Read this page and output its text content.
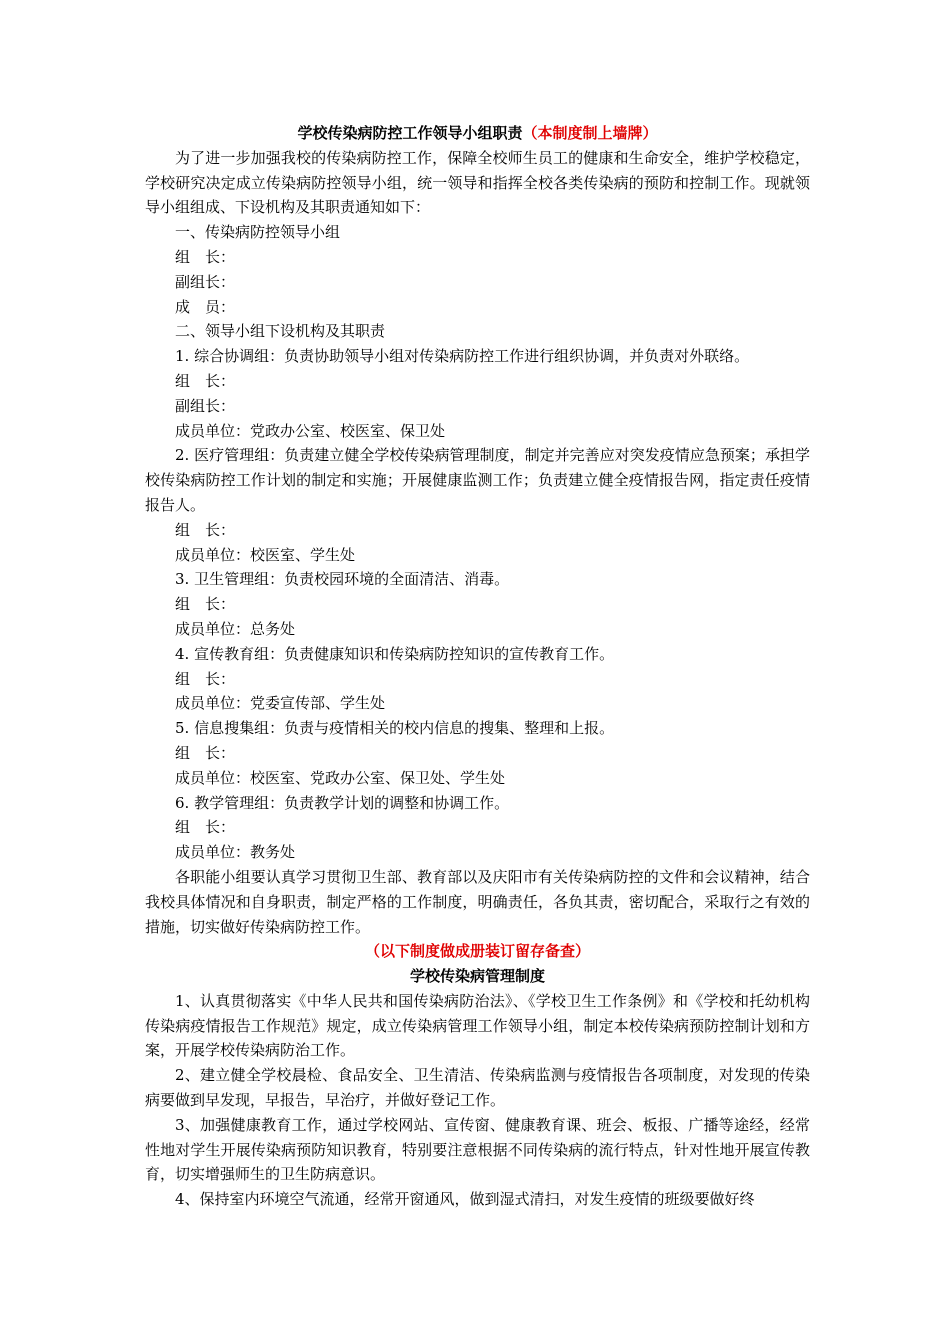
学校传染病防控工作领导小组职责（本制度制上墙牌）

为了进一步加强我校的传染病防控工作，保障全校师生员工的健康和生命安全，维护学校稳定，学校研究决定成立传染病防控领导小组，统一领导和指挥全校各类传染病的预防和控制工作。现就领导小组组成、下设机构及其职责通知如下：

一、传染病防控领导小组

组　长：

副组长：

成　员：

二、领导小组下设机构及其职责

1. 综合协调组：负责协助领导小组对传染病防控工作进行组织协调，并负责对外联络。

组　长：

副组长：

成员单位：党政办公室、校医室、保卫处

2. 医疗管理组：负责建立健全学校传染病管理制度，制定并完善应对突发疫情应急预案；承担学校传染病防控工作计划的制定和实施；开展健康监测工作；负责建立健全疫情报告网，指定责任疫情报告人。

组　长：

成员单位：校医室、学生处

3. 卫生管理组：负责校园环境的全面清洁、消毒。

组　长：

成员单位：总务处

4. 宣传教育组：负责健康知识和传染病防控知识的宣传教育工作。

组　长：

成员单位：党委宣传部、学生处

5. 信息搜集组：负责与疫情相关的校内信息的搜集、整理和上报。

组　长：

成员单位：校医室、党政办公室、保卫处、学生处

6. 教学管理组：负责教学计划的调整和协调工作。

组　长：

成员单位：教务处

各职能小组要认真学习贯彻卫生部、教育部以及庆阳市有关传染病防控的文件和会议精神，结合我校具体情况和自身职责，制定严格的工作制度，明确责任，各负其责，密切配合，采取行之有效的措施，切实做好传染病防控工作。

（以下制度做成册装订留存备查）

学校传染病管理制度

1、认真贯彻落实《中华人民共和国传染病防治法》、《学校卫生工作条例》和《学校和托幼机构传染病疫情报告工作规范》规定，成立传染病管理工作领导小组，制定本校传染病预防控制计划和方案，开展学校传染病防治工作。

2、建立健全学校晨检、食品安全、卫生清洁、传染病监测与疫情报告各项制度，对发现的传染病要做到早发现，早报告，早治疗，并做好登记工作。

3、加强健康教育工作，通过学校网站、宣传窗、健康教育课、班会、板报、广播等途经，经常性地对学生开展传染病预防知识教育，特别要注意根据不同传染病的流行特点，针对性地开展宣传教育，切实增强师生的卫生防病意识。

4、保持室内环境空气流通，经常开窗通风，做到湿式清扫，对发生疫情的班级要做好终
